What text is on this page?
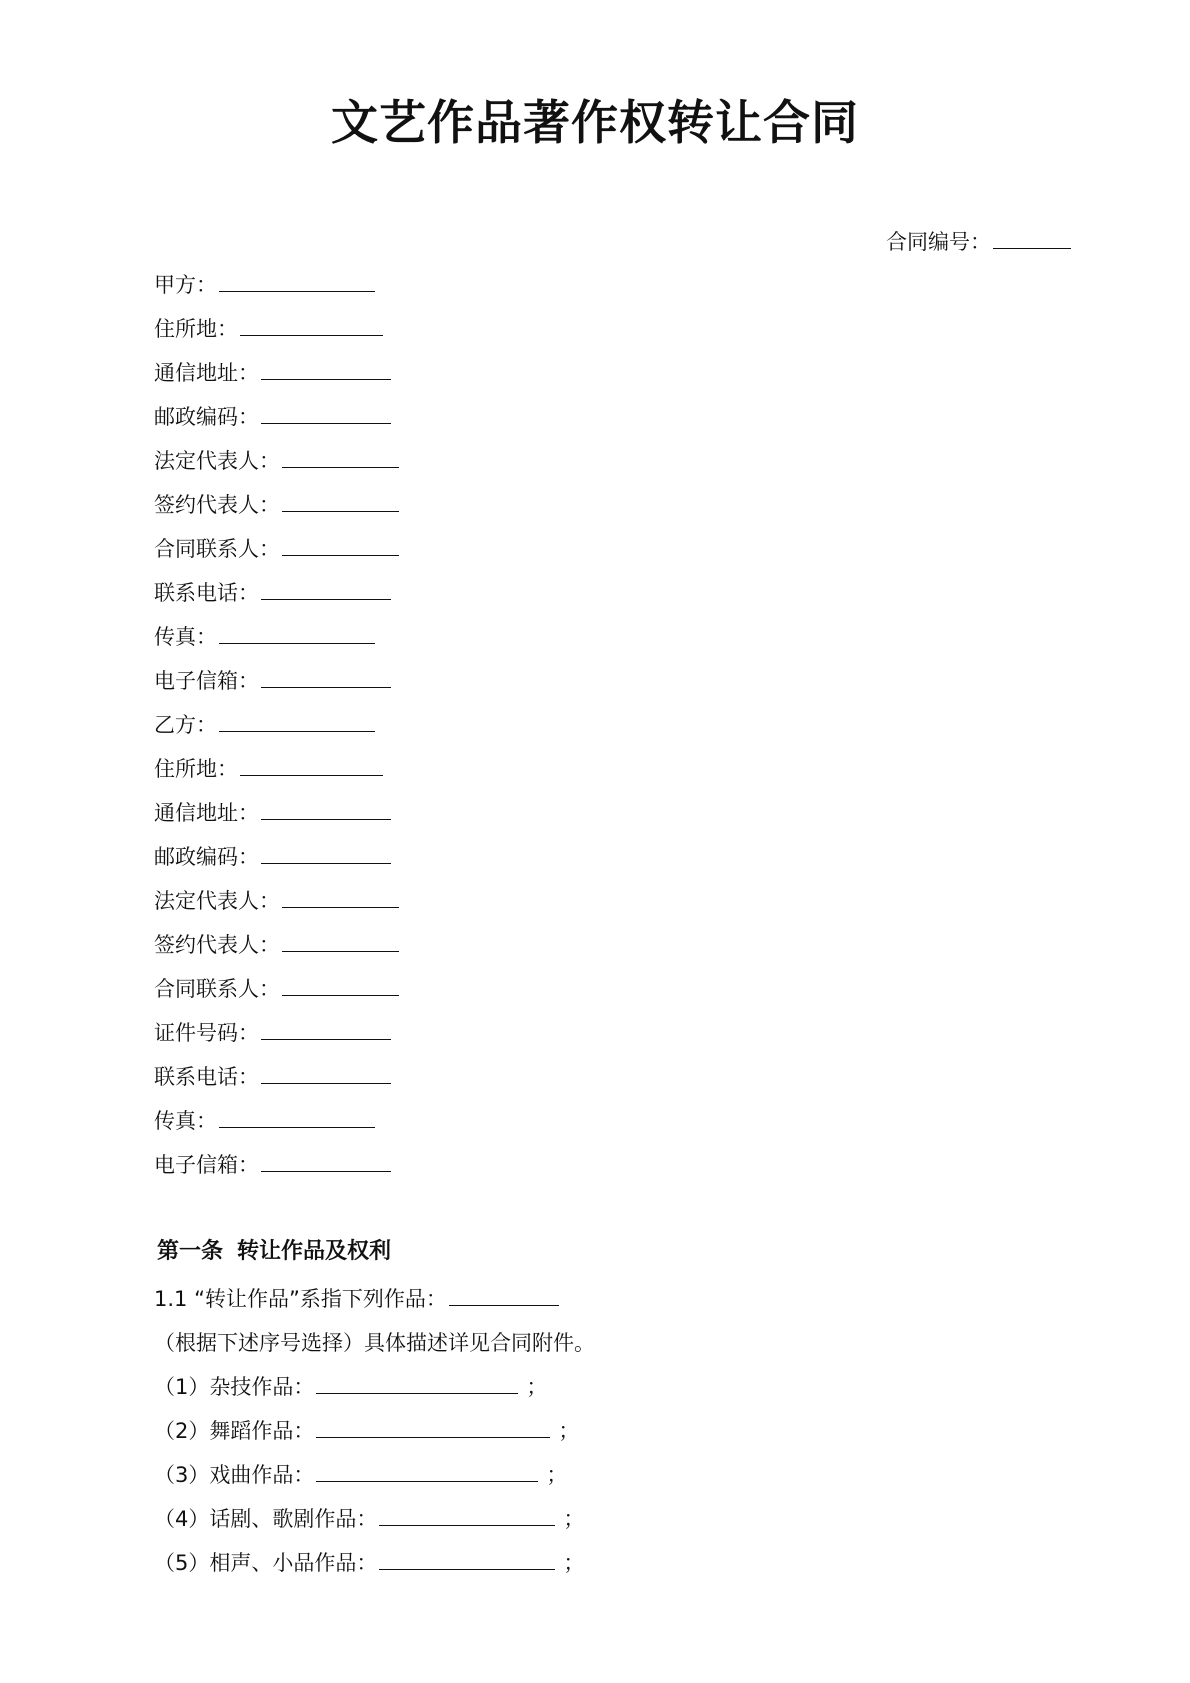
文艺作品著作权转让合同
合同编号：
甲方：
住所地：
通信地址：
邮政编码：
法定代表人：
签约代表人：
合同联系人：
联系电话：
传真：
电子信箱：
乙方：
住所地：
通信地址：
邮政编码：
法定代表人：
签约代表人：
合同联系人：
证件号码：
联系电话：
传真：
电子信箱：
第一条 转让作品及权利
1.1 “转让作品”系指下列作品：
（根据下述序号选择）具体描述详见合同附件。
（1）杂技作品：	；
（2）舞蹈作品：	；
（3）戏曲作品：	；
（4）话剧、歌剧作品：	；
（5）相声、小品作品：	；
